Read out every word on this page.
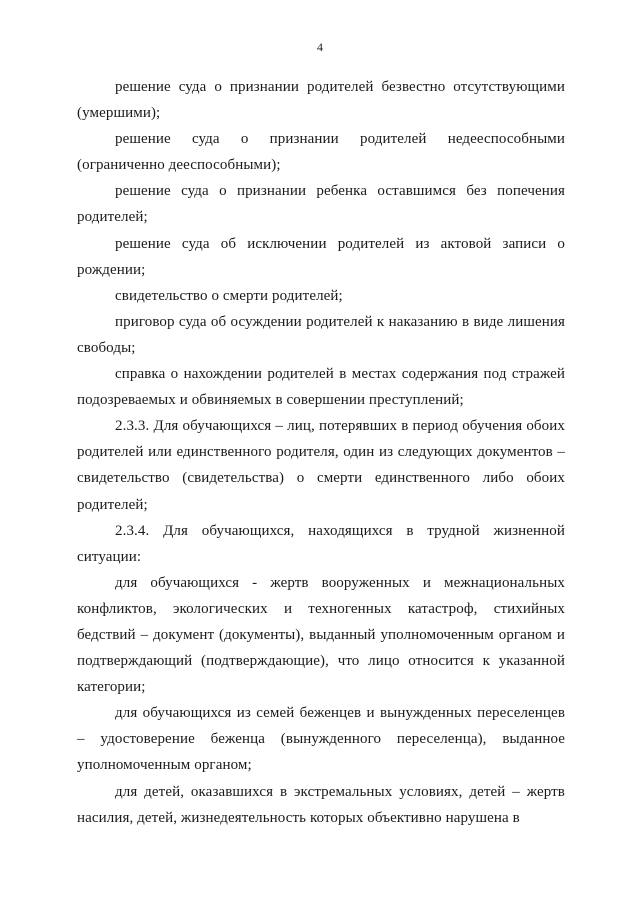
4

решение суда о признании родителей безвестно отсутствующими (умершими);

решение суда о признании родителей недееспособными (ограниченно дееспособными);

решение суда о признании ребенка оставшимся без попечения родителей;

решение суда об исключении родителей из актовой записи о рождении;

свидетельство о смерти родителей;

приговор суда об осуждении родителей к наказанию в виде лишения свободы;

справка о нахождении родителей в местах содержания под стражей подозреваемых и обвиняемых в совершении преступлений;

2.3.3. Для обучающихся – лиц, потерявших в период обучения обоих родителей или единственного родителя, один из следующих документов – свидетельство (свидетельства) о смерти единственного либо обоих родителей;

2.3.4. Для обучающихся, находящихся в трудной жизненной ситуации:

для обучающихся - жертв вооруженных и межнациональных конфликтов, экологических и техногенных катастроф, стихийных бедствий – документ (документы), выданный уполномоченным органом и подтверждающий (подтверждающие), что лицо относится к указанной категории;

для обучающихся из семей беженцев и вынужденных переселенцев – удостоверение беженца (вынужденного переселенца), выданное уполномоченным органом;

для детей, оказавшихся в экстремальных условиях, детей – жертв насилия, детей, жизнедеятельность которых объективно нарушена в
